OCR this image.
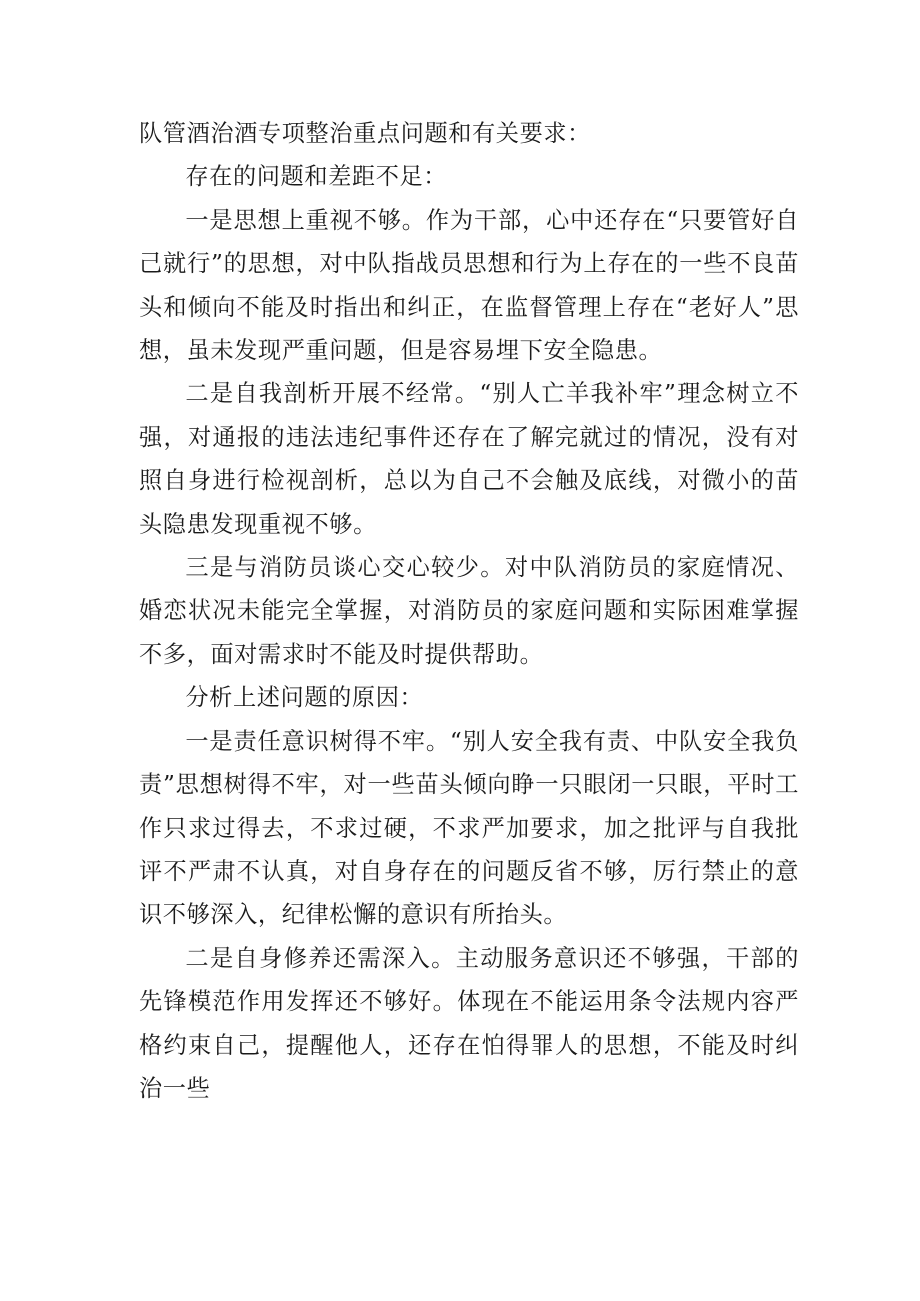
队管酒治酒专项整治重点问题和有关要求：

存在的问题和差距不足：

一是思想上重视不够。作为干部，心中还存在“只要管好自己就行”的思想，对中队指战员思想和行为上存在的一些不良苗头和倾向不能及时指出和纠正，在监督管理上存在“老好人”思想，虽未发现严重问题，但是容易埋下安全隐患。

二是自我剖析开展不经常。“别人亡羊我补牢”理念树立不强，对通报的违法违纪事件还存在了解完就过的情况，没有对照自身进行检视剖析，总以为自己不会触及底线，对微小的苗头隐患发现重视不够。

三是与消防员谈心交心较少。对中队消防员的家庭情况、婚恋状况未能完全掌握，对消防员的家庭问题和实际困难掌握不多，面对需求时不能及时提供帮助。

分析上述问题的原因：

一是责任意识树得不牢。“别人安全我有责、中队安全我负责”思想树得不牢，对一些苗头倾向睁一只眼闭一只眼，平时工作只求过得去，不求过硬，不求严加要求，加之批评与自我批评不严肃不认真，对自身存在的问题反省不够，厉行禁止的意识不够深入，纪律松懈的意识有所抬头。

二是自身修养还需深入。主动服务意识还不够强，干部的先锋模范作用发挥还不够好。体现在不能运用条令法规内容严格约束自己，提醒他人，还存在怕得罪人的思想，不能及时纠治一些
